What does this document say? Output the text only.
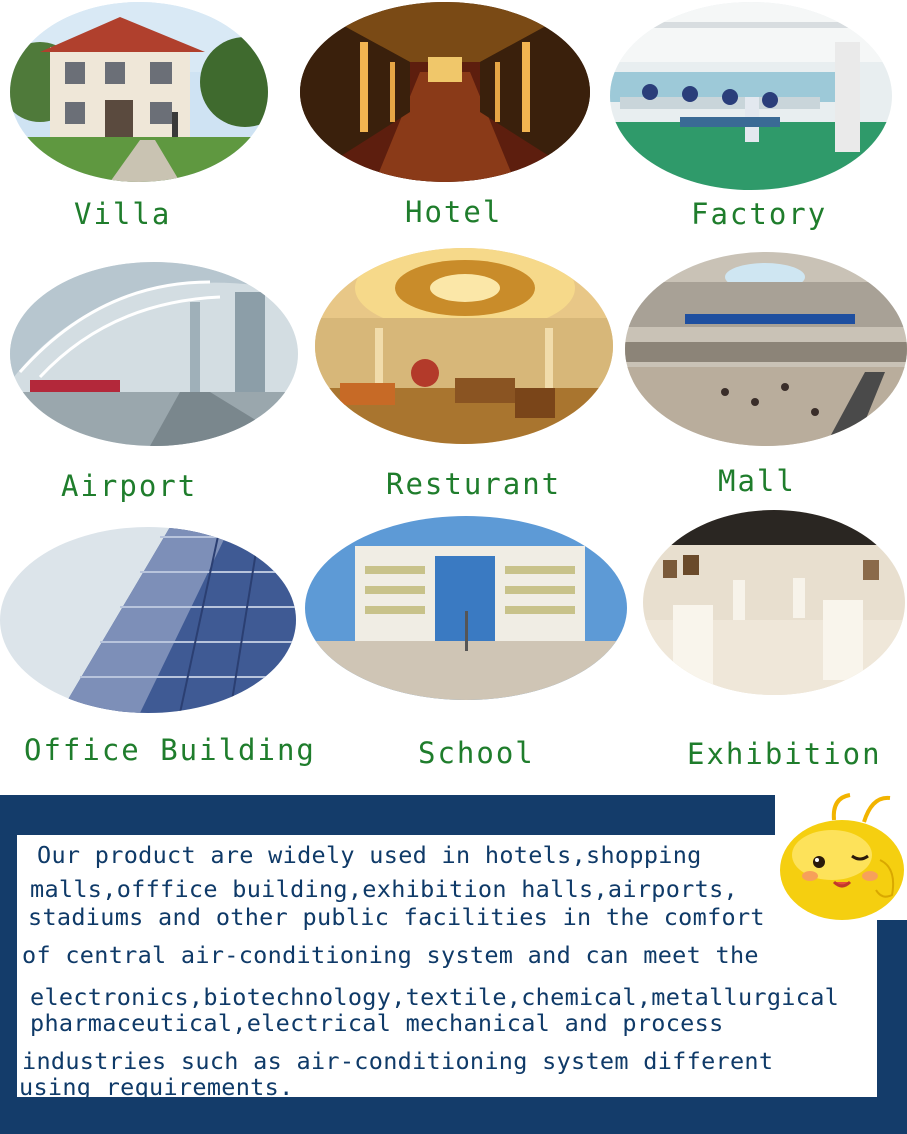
Villa	Hotel	Factory
Airport	Resturant	Mall
Office Building	School	Exhibition
Our product are widely used in hotels,shopping
malls,offfice building,exhibition halls,airports,
stadiums and other public facilities in the comfort
of central air-conditioning system and can meet the
electronics,biotechnology,textile,chemical,metallurgical
pharmaceutical,electrical mechanical and process
industries such as air-conditioning system different
using requirements.
